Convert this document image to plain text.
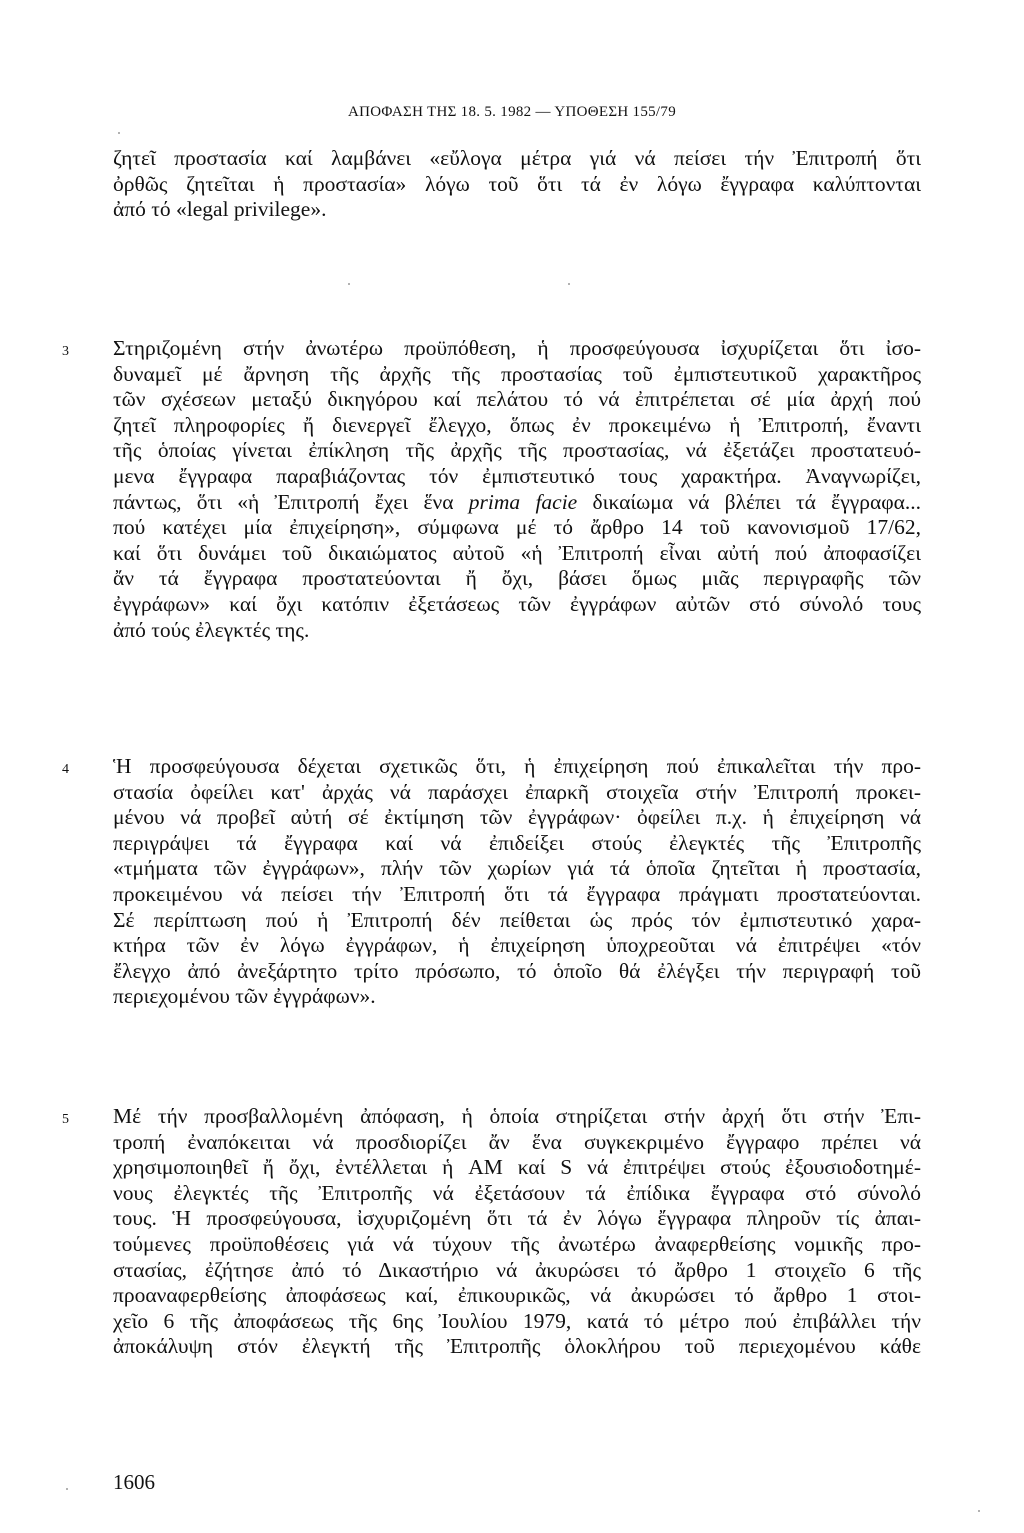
ΑΠΟΦΑΣΗ ΤΗΣ 18. 5. 1982 — ΥΠΟΘΕΣΗ 155/79
ζητεῖ προστασία καί λαμβάνει «εὔλογα μέτρα γιά νά πείσει τήν Ἐπιτροπή ὅτι
ὀρθῶς ζητεῖται ἡ προστασία» λόγω τοῦ ὅτι τά ἐν λόγω ἔγγραφα καλύπτονται
ἀπό τό «legal privilege».
3 Στηριζομένη στήν ἀνωτέρω προϋπόθεση, ἡ προσφεύγουσα ἰσχυρίζεται ὅτι ἰσο-
δυναμεῖ μέ ἄρνηση τῆς ἀρχῆς τῆς προστασίας τοῦ ἐμπιστευτικοῦ χαρακτῆρος
τῶν σχέσεων μεταξύ δικηγόρου καί πελάτου τό νά ἐπιτρέπεται σέ μία ἀρχή πού
ζητεῖ πληροφορίες ἤ διενεργεῖ ἔλεγχο, ὅπως ἐν προκειμένω ἡ Ἐπιτροπή, ἔναντι
τῆς ὁποίας γίνεται ἐπίκληση τῆς ἀρχῆς τῆς προστασίας, νά ἐξετάζει προστατευό-
μενα ἔγγραφα παραβιάζοντας τόν ἐμπιστευτικό τους χαρακτήρα. Ἀναγνωρίζει,
πάντως, ὅτι «ἡ Ἐπιτροπή ἔχει ἕνα prima facie δικαίωμα νά βλέπει τά ἔγγραφα...
πού κατέχει μία ἐπιχείρηση», σύμφωνα μέ τό ἄρθρο 14 τοῦ κανονισμοῦ 17/62,
καί ὅτι δυνάμει τοῦ δικαιώματος αὐτοῦ «ἡ Ἐπιτροπή εἶναι αὐτή πού ἀποφασίζει
ἄν τά ἔγγραφα προστατεύονται ἤ ὄχι, βάσει ὅμως μιᾶς περιγραφῆς τῶν
ἐγγράφων» καί ὄχι κατόπιν ἐξετάσεως τῶν ἐγγράφων αὐτῶν στό σύνολό τους
ἀπό τούς ἐλεγκτές της.
4 Ἡ προσφεύγουσα δέχεται σχετικῶς ὅτι, ἡ ἐπιχείρηση πού ἐπικαλεῖται τήν προ-
στασία ὀφείλει κατ' ἀρχάς νά παράσχει ἐπαρκῆ στοιχεῖα στήν Ἐπιτροπή προκει-
μένου νά προβεῖ αὐτή σέ ἐκτίμηση τῶν ἐγγράφων· ὀφείλει π.χ. ἡ ἐπιχείρηση νά
περιγράψει τά ἔγγραφα καί νά ἐπιδείξει στούς ἐλεγκτές τῆς Ἐπιτροπῆς
«τμήματα τῶν ἐγγράφων», πλήν τῶν χωρίων γιά τά ὁποῖα ζητεῖται ἡ προστασία,
προκειμένου νά πείσει τήν Ἐπιτροπή ὅτι τά ἔγγραφα πράγματι προστατεύονται.
Σέ περίπτωση πού ἡ Ἐπιτροπή δέν πείθεται ὡς πρός τόν ἐμπιστευτικό χαρα-
κτήρα τῶν ἐν λόγω ἐγγράφων, ἡ ἐπιχείρηση ὑποχρεοῦται νά ἐπιτρέψει «τόν
ἔλεγχο ἀπό ἀνεξάρτητο τρίτο πρόσωπο, τό ὁποῖο θά ἐλέγξει τήν περιγραφή τοῦ
περιεχομένου τῶν ἐγγράφων».
5 Μέ τήν προσβαλλομένη ἀπόφαση, ἡ ὁποία στηρίζεται στήν ἀρχή ὅτι στήν Ἐπι-
τροπή ἐναπόκειται νά προσδιορίζει ἄν ἕνα συγκεκριμένο ἔγγραφο πρέπει νά
χρησιμοποιηθεῖ ἤ ὄχι, ἐντέλλεται ἡ AM καί S νά ἐπιτρέψει στούς ἐξουσιοδοτημέ-
νους ἐλεγκτές τῆς Ἐπιτροπῆς νά ἐξετάσουν τά ἐπίδικα ἔγγραφα στό σύνολό
τους. Ἡ προσφεύγουσα, ἰσχυριζομένη ὅτι τά ἐν λόγω ἔγγραφα πληροῦν τίς ἀπαι-
τούμενες προϋποθέσεις γιά νά τύχουν τῆς ἀνωτέρω ἀναφερθείσης νομικῆς προ-
στασίας, ἐζήτησε ἀπό τό Δικαστήριο νά ἀκυρώσει τό ἄρθρο 1 στοιχεῖο 6 τῆς
προαναφερθείσης ἀποφάσεως καί, ἐπικουρικῶς, νά ἀκυρώσει τό ἄρθρο 1 στοι-
χεῖο 6 τῆς ἀποφάσεως τῆς 6ης Ἰουλίου 1979, κατά τό μέτρο πού ἐπιβάλλει τήν
ἀποκάλυψη στόν ἐλεγκτή τῆς Ἐπιτροπῆς ὁλοκλήρου τοῦ περιεχομένου κάθε
1606
